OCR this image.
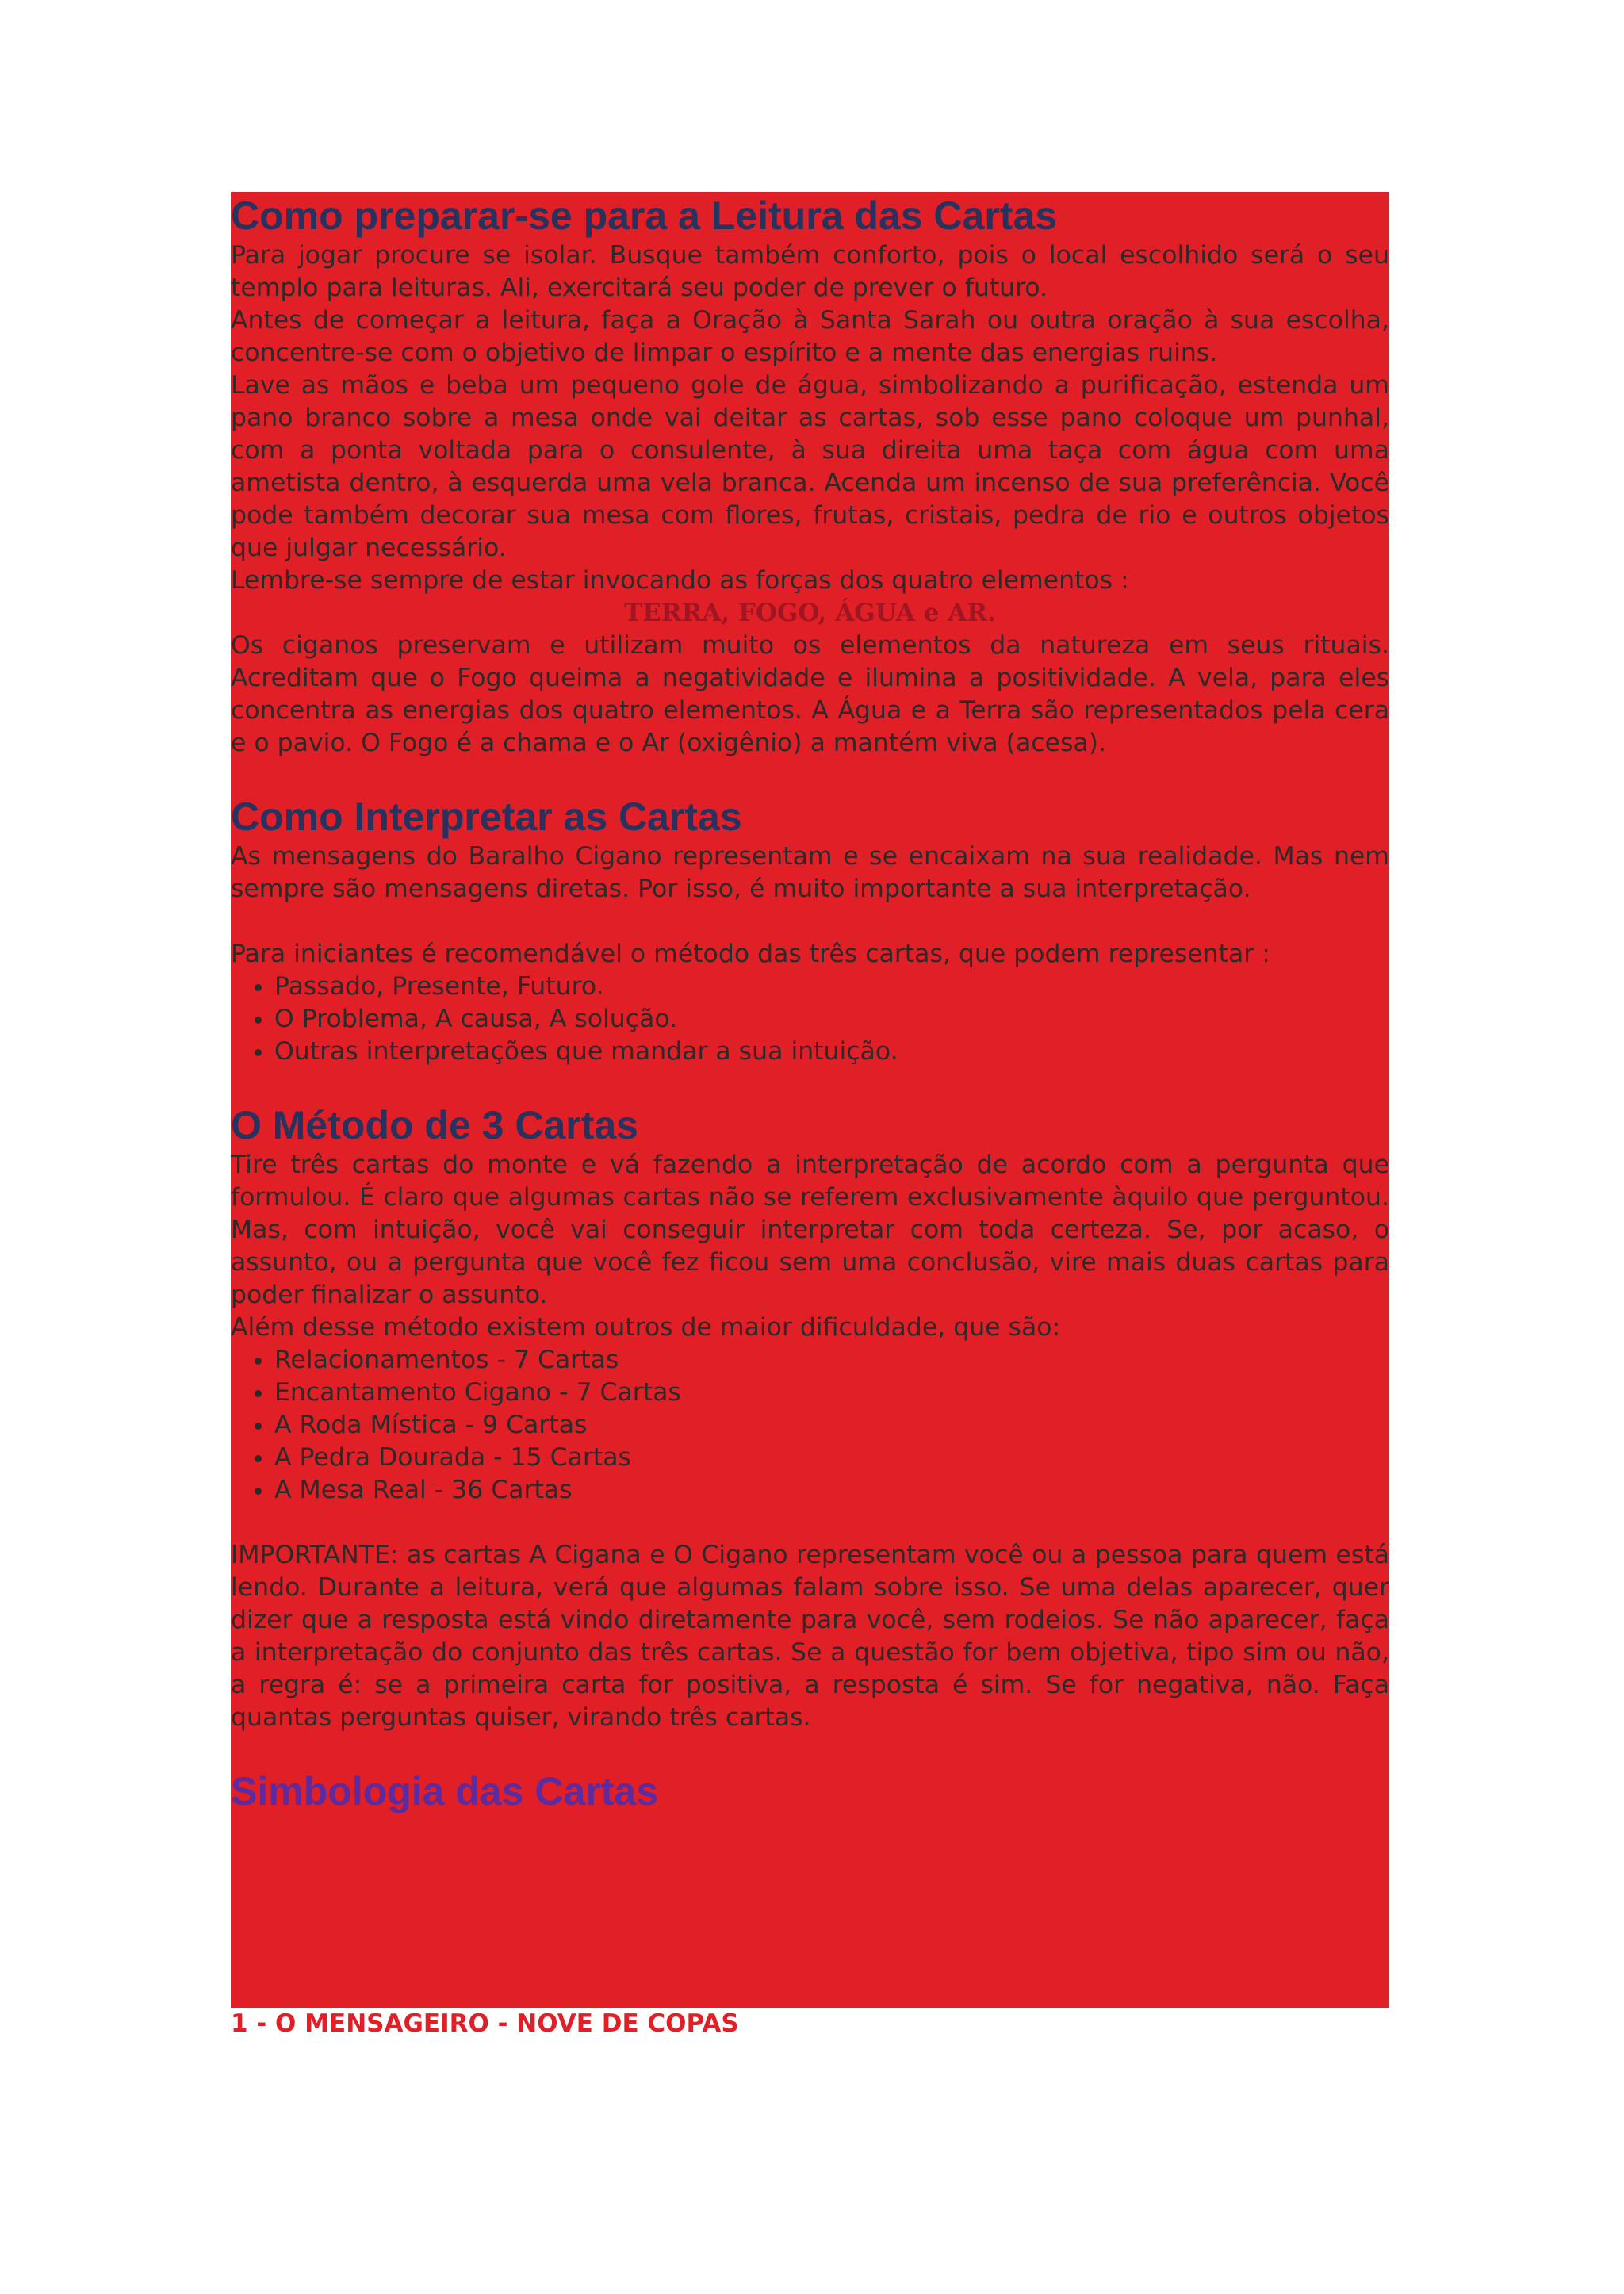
Como preparar-se para a Leitura das Cartas

Para jogar procure se isolar. Busque também conforto, pois o local escolhido será o seu templo para leituras. Ali, exercitará seu poder de prever o futuro.

Antes de começar a leitura, faça a Oração à Santa Sarah ou outra oração à sua escolha, concentre-se com o objetivo de limpar o espírito e a mente das energias ruins.

Lave as mãos e beba um pequeno gole de água, simbolizando a purificação, estenda um pano branco sobre a mesa onde vai deitar as cartas, sob esse pano coloque um punhal, com a ponta voltada para o consulente, à sua direita uma taça com água com uma ametista dentro, à esquerda uma vela branca. Acenda um incenso de sua preferência. Você pode também decorar sua mesa com flores, frutas, cristais, pedra de rio e outros objetos que julgar necessário.

Lembre-se sempre de estar invocando as forças dos quatro elementos :

TERRA, FOGO, ÁGUA e AR.

Os ciganos preservam e utilizam muito os elementos da natureza em seus rituais. Acreditam que o Fogo queima a negatividade e ilumina a positividade. A vela, para eles concentra as energias dos quatro elementos. A Água e a Terra são representados pela cera e o pavio. O Fogo é a chama e o Ar (oxigênio) a mantém viva (acesa).

Como Interpretar as Cartas

As mensagens do Baralho Cigano representam e se encaixam na sua realidade. Mas nem sempre são mensagens diretas. Por isso, é muito importante a sua interpretação.

Para iniciantes é recomendável o método das três cartas, que podem representar :

• Passado, Presente, Futuro.
• O Problema, A causa, A solução.
• Outras interpretações que mandar a sua intuição.
O Método de 3 Cartas

Tire três cartas do monte e vá fazendo a interpretação de acordo com a pergunta que formulou. É claro que algumas cartas não se referem exclusivamente àquilo que perguntou. Mas, com intuição, você vai conseguir interpretar com toda certeza. Se, por acaso, o assunto, ou a pergunta que você fez ficou sem uma conclusão, vire mais duas cartas para poder finalizar o assunto.

Além desse método existem outros de maior dificuldade, que são:

• Relacionamentos - 7 Cartas
• Encantamento Cigano - 7 Cartas
• A Roda Mística - 9 Cartas
• A Pedra Dourada - 15 Cartas
• A Mesa Real - 36 Cartas

IMPORTANTE: as cartas A Cigana e O Cigano representam você ou a pessoa para quem está lendo. Durante a leitura, verá que algumas falam sobre isso. Se uma delas aparecer, quer dizer que a resposta está vindo diretamente para você, sem rodeios. Se não aparecer, faça a interpretação do conjunto das três cartas. Se a questão for bem objetiva, tipo sim ou não, a regra é: se a primeira carta for positiva, a resposta é sim. Se for negativa, não. Faça quantas perguntas quiser, virando três cartas.

Simbologia das Cartas
1 - O MENSAGEIRO - NOVE DE COPAS
